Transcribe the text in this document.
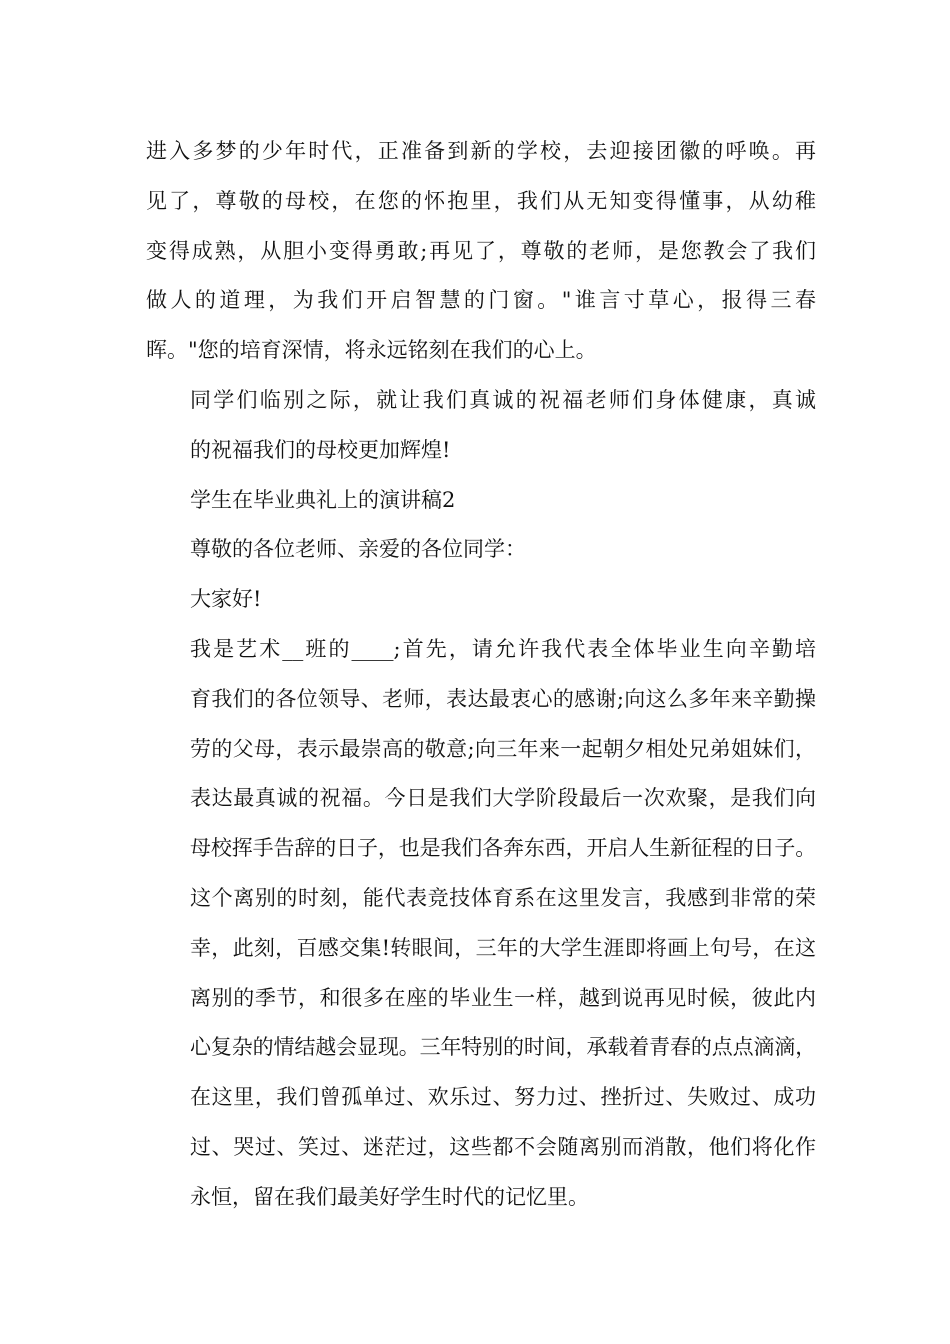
进入多梦的少年时代，正准备到新的学校，去迎接团徽的呼唤。再
见了，尊敬的母校，在您的怀抱里，我们从无知变得懂事，从幼稚
变得成熟，从胆小变得勇敢;再见了，尊敬的老师，是您教会了我们
做人的道理，为我们开启智慧的门窗。"谁言寸草心，报得三春
晖。"您的培育深情，将永远铭刻在我们的心上。

同学们临别之际，就让我们真诚的祝福老师们身体健康，真诚
的祝福我们的母校更加辉煌!

学生在毕业典礼上的演讲稿2

尊敬的各位老师、亲爱的各位同学：

大家好!

我是艺术__班的____;首先，请允许我代表全体毕业生向辛勤培
育我们的各位领导、老师，表达最衷心的感谢;向这么多年来辛勤操
劳的父母，表示最崇高的敬意;向三年来一起朝夕相处兄弟姐妹们，
表达最真诚的祝福。今日是我们大学阶段最后一次欢聚，是我们向
母校挥手告辞的日子，也是我们各奔东西，开启人生新征程的日子。
这个离别的时刻，能代表竞技体育系在这里发言，我感到非常的荣
幸，此刻，百感交集!转眼间，三年的大学生涯即将画上句号，在这
离别的季节，和很多在座的毕业生一样，越到说再见时候，彼此内
心复杂的情结越会显现。三年特别的时间，承载着青春的点点滴滴，
在这里，我们曾孤单过、欢乐过、努力过、挫折过、失败过、成功
过、哭过、笑过、迷茫过，这些都不会随离别而消散，他们将化作
永恒，留在我们最美好学生时代的记忆里。
